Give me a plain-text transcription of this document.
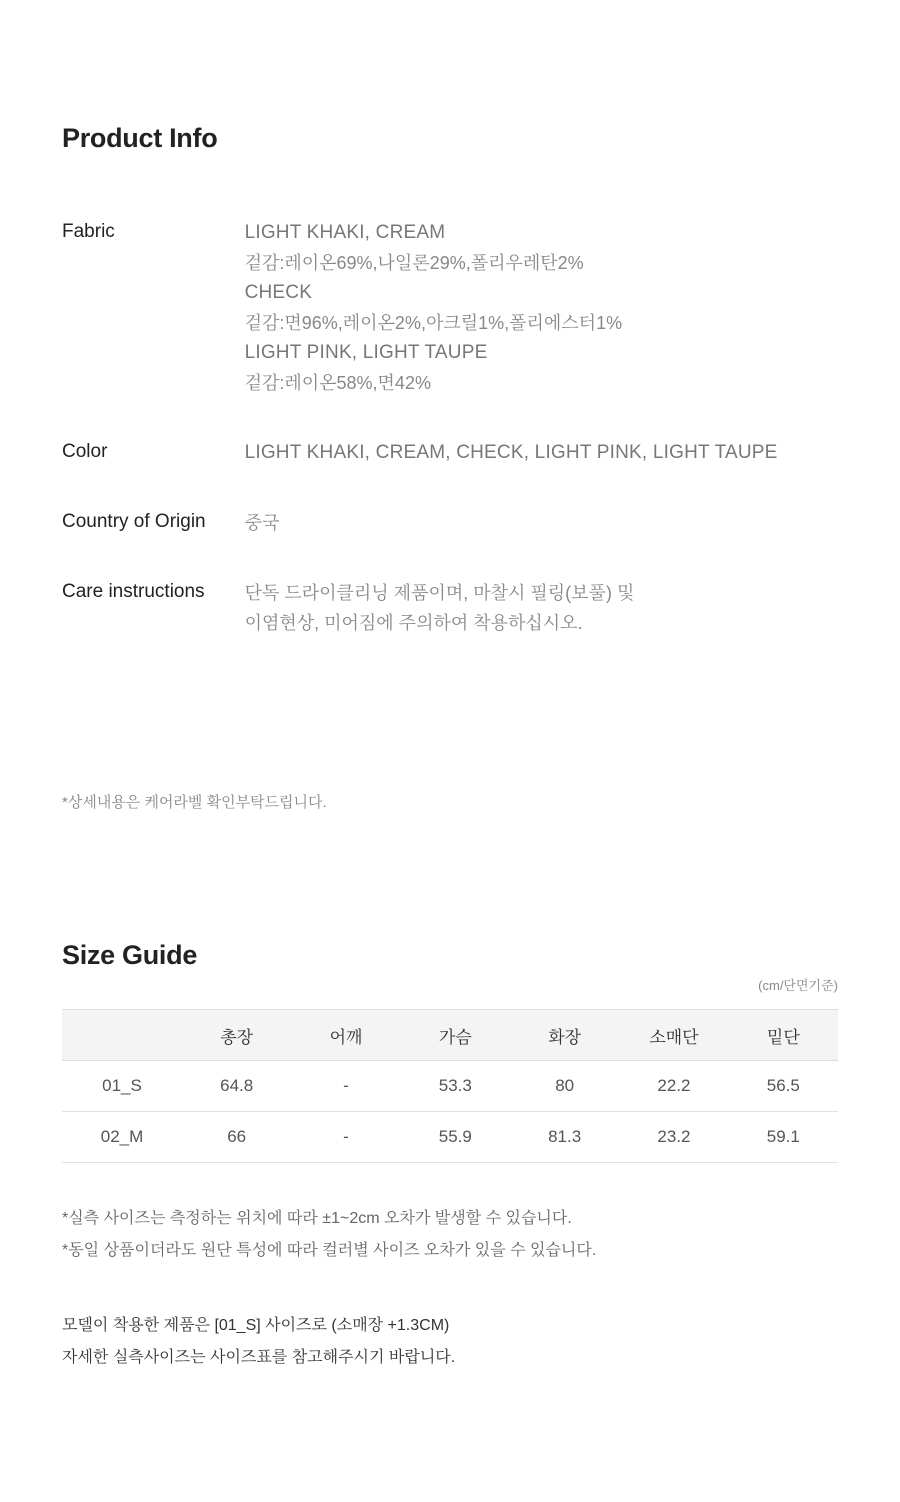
Product Info
Fabric	LIGHT KHAKI, CREAM
겉감:레이온69%,나일론29%,폴리우레탄2%
CHECK
겉감:면96%,레이온2%,아크릴1%,폴리에스터1%
LIGHT PINK, LIGHT TAUPE
겉감:레이온58%,면42%

Color	LIGHT KHAKI, CREAM, CHECK, LIGHT PINK, LIGHT TAUPE

Country of Origin	중국

Care instructions	단독 드라이클리닝 제품이며, 마찰시 필링(보풀) 및
이염현상, 미어짐에 주의하여 착용하십시오.
*상세내용은 케어라벨 확인부탁드립니다.
Size Guide
(cm/단면기준)
	총장	어깨	가슴	화장	소매단	밑단
01_S	64.8	-	53.3	80	22.2	56.5
02_M	66	-	55.9	81.3	23.2	59.1
*실측 사이즈는 측정하는 위치에 따라 ±1~2cm 오차가 발생할 수 있습니다.
*동일 상품이더라도 원단 특성에 따라 컬러별 사이즈 오차가 있을 수 있습니다.
모델이 착용한 제품은 [01_S] 사이즈로 (소매장 +1.3CM)
자세한 실측사이즈는 사이즈표를 참고해주시기 바랍니다.
